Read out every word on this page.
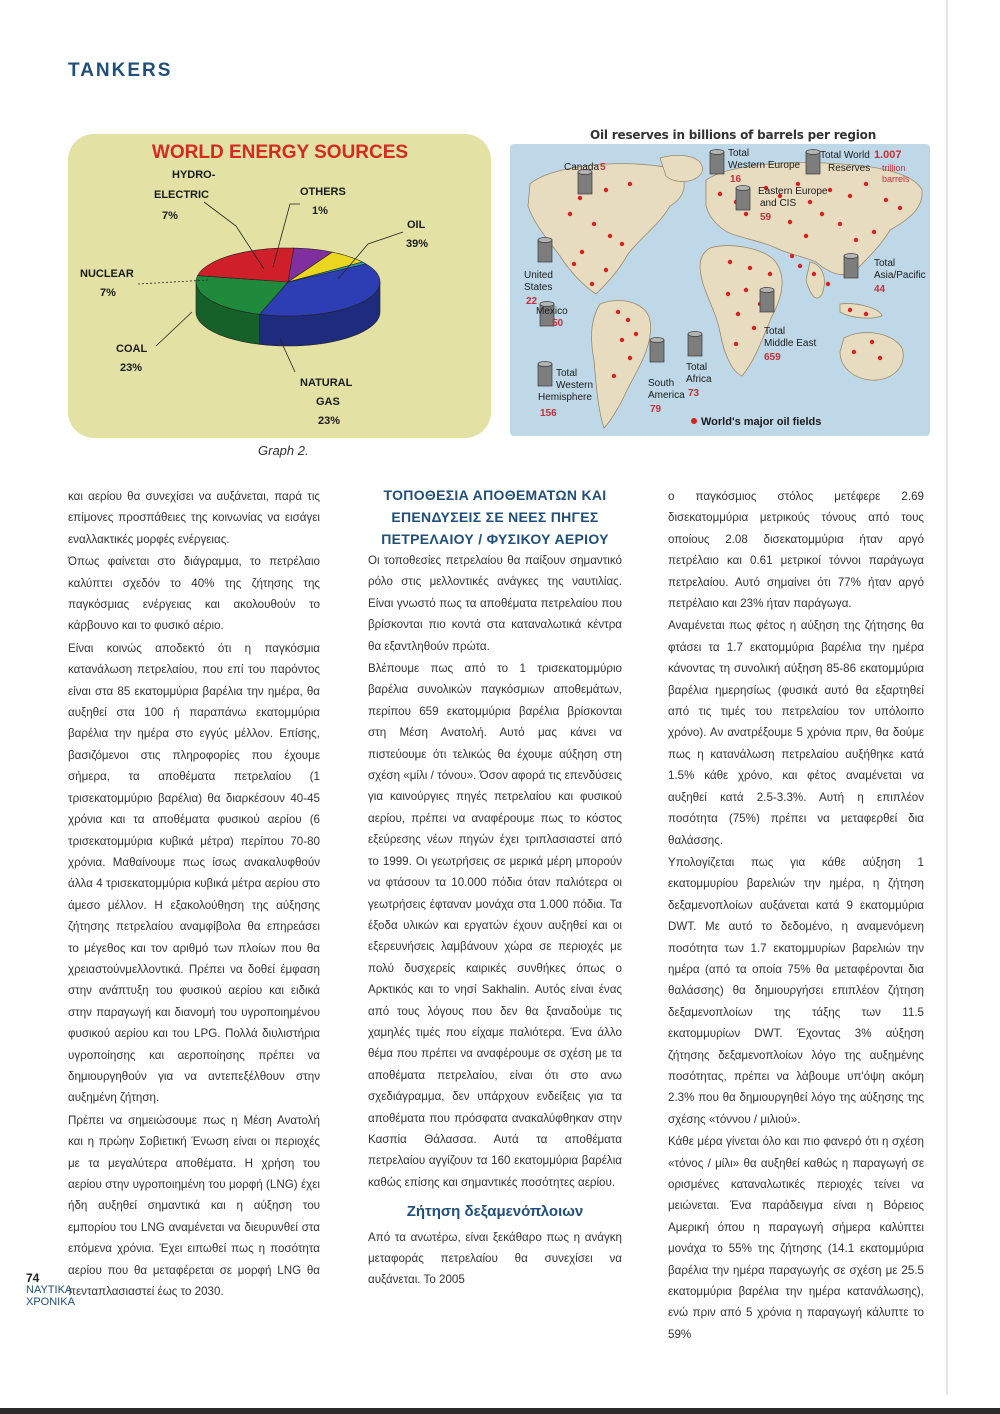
TANKERS
WORLD ENERGY SOURCES
HYDRO-
ELECTRIC
7%
OTHERS
1%
OIL
39%
NUCLEAR
7%
COAL
23%
NATURAL
GAS
23%
Graph 2.
Oil reserves in billions of barrels per region
Canada 5
Total
Western Europe
16
Total World 1.007
Reserves trillion
barrels
Eastern Europe
and CIS
59
Total
Asia/Pacific
44
United
States
22
Mexico
50
Total
Middle East
659
Total
Africa
73
Total
Western
Hemisphere
156
South
America
79
World's major oil fields

και αερίου θα συνεχίσει να αυξάνεται, παρά τις επίμονες προσπάθειες της κοινωνίας να εισάγει εναλλακτικές μορφές ενέργειας.

Όπως φαίνεται στο διάγραμμα, το πετρέλαιο καλύπτει σχεδόν το 40% της ζήτησης της παγκόσμιας ενέργειας και ακολουθούν το κάρβουνο και το φυσικό αέριο.

Είναι κοινώς αποδεκτό ότι η παγκόσμια κατανάλωση πετρελαίου, που επί του παρόντος είναι στα 85 εκατομμύρια βαρέλια την ημέρα, θα αυξηθεί στα 100 ή παραπάνω εκατομμύρια βαρέλια την ημέρα στο εγγύς μέλλον. Επίσης, βασιζόμενοι στις πληροφορίες που έχουμε σήμερα, τα αποθέματα πετρελαίου (1 τρισεκατομμύριο βαρέλια) θα διαρκέσουν 40-45 χρόνια και τα αποθέματα φυσικού αερίου (6 τρισεκατομμύρια κυβικά μέτρα) περίπου 70-80 χρόνια. Μαθαίνουμε πως ίσως ανακαλυφθούν άλλα 4 τρισεκατομμύρια κυβικά μέτρα αερίου στο άμεσο μέλλον. Η εξακολούθηση της αύξησης ζήτησης πετρελαίου αναμφίβολα θα επηρεάσει το μέγεθος και τον αριθμό των πλοίων που θα χρειαστούνμελλοντικά. Πρέπει να δοθεί έμφαση στην ανάπτυξη του φυσικού αερίου και ειδικά στην παραγωγή και διανομή του υγροποιημένου φυσικού αερίου και του LPG. Πολλά διυλιστήρια υγροποίησης και αεροποίησης πρέπει να δημιουργηθούν για να αντεπεξέλθουν στην αυξημένη ζήτηση.

Πρέπει να σημειώσουμε πως η Μέση Ανατολή και η πρώην Σοβιετική Ένωση είναι οι περιοχές με τα μεγαλύτερα αποθέματα. Η χρήση του αερίου στην υγροποιημένη του μορφή (LNG) έχει ήδη αυξηθεί σημαντικά και η αύξηση του εμπορίου του LNG αναμένεται να διευρυνθεί στα επόμενα χρόνια. Έχει ειπωθεί πως η ποσότητα αερίου που θα μεταφέρεται σε μορφή LNG θα πενταπλασιαστεί έως το 2030.

ΤΟΠΟΘΕΣΙΑ ΑΠΟΘΕΜΑΤΩΝ ΚΑΙ ΕΠΕΝΔΥΣΕΙΣ ΣΕ ΝΕΕΣ ΠΗΓΕΣ ΠΕΤΡΕΛΑΙΟΥ / ΦΥΣΙΚΟΥ ΑΕΡΙΟΥ

Οι τοποθεσίες πετρελαίου θα παίξουν σημαντικό ρόλο στις μελλοντικές ανάγκες της ναυτιλίας. Είναι γνωστό πως τα αποθέματα πετρελαίου που βρίσκονται πιο κοντά στα καταναλωτικά κέντρα θα εξαντληθούν πρώτα.

Βλέπουμε πως από το 1 τρισεκατομμύριο βαρέλια συνολικών παγκόσμιων αποθεμάτων, περίπου 659 εκατομμύρια βαρέλια βρίσκονται στη Μέση Ανατολή. Αυτό μας κάνει να πιστεύουμε ότι τελικώς θα έχουμε αύξηση στη σχέση «μίλι / τόνου». Όσον αφορά τις επενδύσεις για καινούργιες πηγές πετρελαίου και φυσικού αερίου, πρέπει να αναφέρουμε πως το κόστος εξεύρεσης νέων πηγών έχει τριπλασιαστεί από το 1999. Οι γεωτρήσεις σε μερικά μέρη μπορούν να φτάσουν τα 10.000 πόδια όταν παλιότερα οι γεωτρήσεις έφταναν μονάχα στα 1.000 πόδια. Τα έξοδα υλικών και εργατών έχουν αυξηθεί και οι εξερευνήσεις λαμβάνουν χώρα σε περιοχές με πολύ δυσχερείς καιρικές συνθήκες όπως ο Αρκτικός και το νησί Sakhalin. Αυτός είναι ένας από τους λόγους που δεν θα ξαναδούμε τις χαμηλές τιμές που είχαμε παλιότερα. Ένα άλλο θέμα που πρέπει να αναφέρουμε σε σχέση με τα αποθέματα πετρελαίου, είναι ότι στο ανω σχεδιάγραμμα, δεν υπάρχουν ενδείξεις για τα αποθέματα που πρόσφατα ανακαλύφθηκαν στην Κασπία Θάλασσα. Αυτά τα αποθέματα πετρελαίου αγγίζουν τα 160 εκατομμύρια βαρέλια καθώς επίσης και σημαντικές ποσότητες αερίου.

Ζήτηση δεξαμενόπλοιων

Από τα ανωτέρω, είναι ξεκάθαρο πως η ανάγκη μεταφοράς πετρελαίου θα συνεχίσει να αυξάνεται. Το 2005

ο παγκόσμιος στόλος μετέφερε 2.69 δισεκατομμύρια μετρικούς τόνους από τους οποίους 2.08 δισεκατομμύρια ήταν αργό πετρέλαιο και 0.61 μετρικοί τόννοι παράγωγα πετρελαίου. Αυτό σημαίνει ότι 77% ήταν αργό πετρέλαιο και 23% ήταν παράγωγα.

Αναμένεται πως φέτος η αύξηση της ζήτησης θα φτάσει τα 1.7 εκατομμύρια βαρέλια την ημέρα κάνοντας τη συνολική αύξηση 85-86 εκατομμύρια βαρέλια ημερησίως (φυσικά αυτό θα εξαρτηθεί από τις τιμές του πετρελαίου τον υπόλοιπο χρόνο). Αν ανατρέξουμε 5 χρόνια πριν, θα δούμε πως η κατανάλωση πετρελαίου αυξήθηκε κατά 1.5% κάθε χρόνο, και φέτος αναμένεται να αυξηθεί κατά 2.5-3.3%. Αυτή η επιπλέον ποσότητα (75%) πρέπει να μεταφερθεί δια θαλάσσης.

Υπολογίζεται πως για κάθε αύξηση 1 εκατομμυρίου βαρελιών την ημέρα, η ζήτηση δεξαμενοπλοίων αυξάνεται κατά 9 εκατομμύρια DWT. Με αυτό το δεδομένο, η αναμενόμενη ποσότητα των 1.7 εκατομμυρίων βαρελιών την ημέρα (από τα οποία 75% θα μεταφέρονται δια θαλάσσης) θα δημιουργήσει επιπλέον ζήτηση δεξαμενοπλοίων της τάξης των 11.5 εκατομμυρίων DWT. Έχοντας 3% αύξηση ζήτησης δεξαμενοπλοίων λόγο της αυξημένης ποσότητας, πρέπει να λάβουμε υπ'όψη ακόμη 2.3% που θα δημιουργηθεί λόγο της αύξησης της σχέσης «τόννου / μιλιού».

Κάθε μέρα γίνεται όλο και πιο φανερό ότι η σχέση «τόνος / μίλι» θα αυξηθεί καθώς η παραγωγή σε ορισμένες καταναλωτικές περιοχές τείνει να μειώνεται. Ένα παράδειγμα είναι η Βόρειος Αμερική όπου η παραγωγή σήμερα καλύπτει μονάχα το 55% της ζήτησης (14.1 εκατομμύρια βαρέλια την ημέρα παραγωγής σε σχέση με 25.5 εκατομμύρια βαρέλια την ημέρα κατανάλωσης), ενώ πριν από 5 χρόνια η παραγωγή κάλυπτε το 59%

74
ΝΑΥΤΙΚΑ
ΧΡΟΝΙΚΑ
